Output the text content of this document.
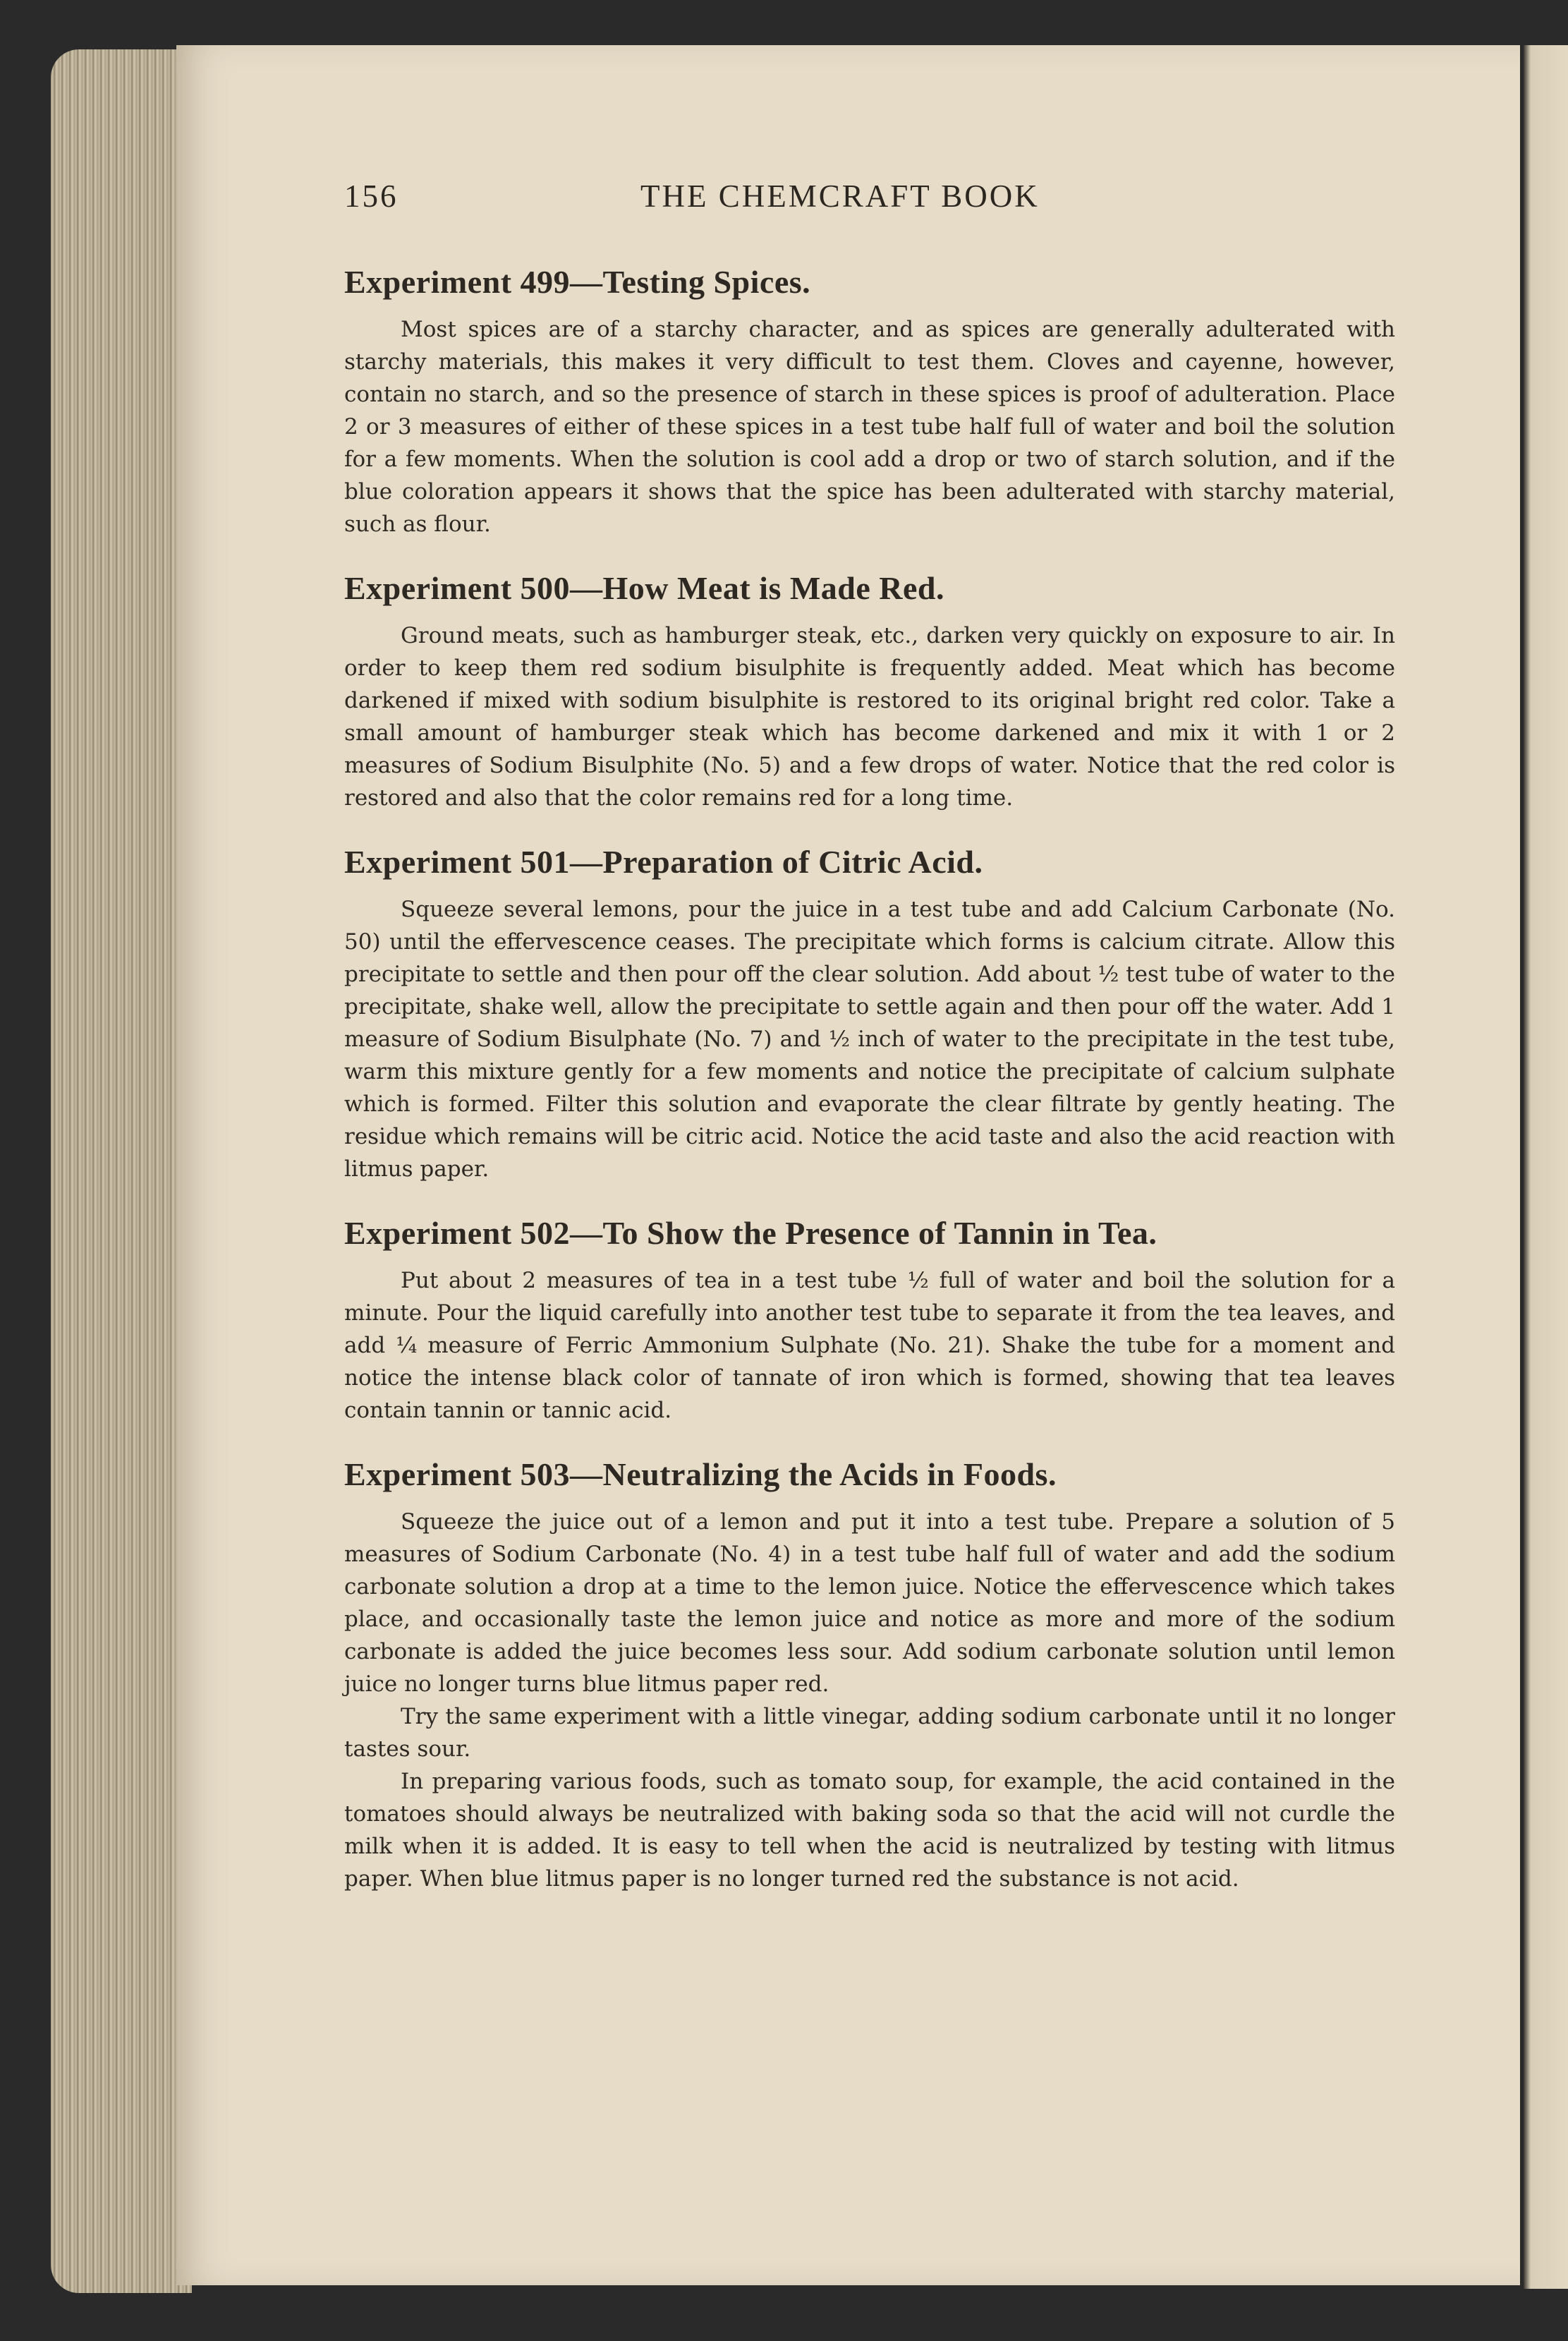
156	THE CHEMCRAFT BOOK
Experiment 499—Testing Spices.

Most spices are of a starchy character, and as spices are generally adulterated with starchy materials, this makes it very difficult to test them. Cloves and cayenne, however, contain no starch, and so the presence of starch in these spices is proof of adulteration. Place 2 or 3 measures of either of these spices in a test tube half full of water and boil the solution for a few moments. When the solution is cool add a drop or two of starch solution, and if the blue coloration appears it shows that the spice has been adulterated with starchy material, such as flour.

Experiment 500—How Meat is Made Red.

Ground meats, such as hamburger steak, etc., darken very quickly on exposure to air. In order to keep them red sodium bisulphite is frequently added. Meat which has become darkened if mixed with sodium bisulphite is restored to its original bright red color. Take a small amount of hamburger steak which has become darkened and mix it with 1 or 2 measures of Sodium Bisulphite (No. 5) and a few drops of water. Notice that the red color is restored and also that the color remains red for a long time.

Experiment 501—Preparation of Citric Acid.

Squeeze several lemons, pour the juice in a test tube and add Calcium Carbonate (No. 50) until the effervescence ceases. The precipitate which forms is calcium citrate. Allow this precipitate to settle and then pour off the clear solution. Add about ½ test tube of water to the precipitate, shake well, allow the precipitate to settle again and then pour off the water. Add 1 measure of Sodium Bisulphate (No. 7) and ½ inch of water to the precipitate in the test tube, warm this mixture gently for a few moments and notice the precipitate of calcium sulphate which is formed. Filter this solution and evaporate the clear filtrate by gently heating. The residue which remains will be citric acid. Notice the acid taste and also the acid reaction with litmus paper.

Experiment 502—To Show the Presence of Tannin in Tea.

Put about 2 measures of tea in a test tube ½ full of water and boil the solution for a minute. Pour the liquid carefully into another test tube to separate it from the tea leaves, and add ¼ measure of Ferric Ammonium Sulphate (No. 21). Shake the tube for a moment and notice the intense black color of tannate of iron which is formed, showing that tea leaves contain tannin or tannic acid.

Experiment 503—Neutralizing the Acids in Foods.

Squeeze the juice out of a lemon and put it into a test tube. Prepare a solution of 5 measures of Sodium Carbonate (No. 4) in a test tube half full of water and add the sodium carbonate solution a drop at a time to the lemon juice. Notice the effervescence which takes place, and occasionally taste the lemon juice and notice as more and more of the sodium carbonate is added the juice becomes less sour. Add sodium carbonate solution until lemon juice no longer turns blue litmus paper red.

Try the same experiment with a little vinegar, adding sodium carbonate until it no longer tastes sour.

In preparing various foods, such as tomato soup, for example, the acid contained in the tomatoes should always be neutralized with baking soda so that the acid will not curdle the milk when it is added. It is easy to tell when the acid is neutralized by testing with litmus paper. When blue litmus paper is no longer turned red the substance is not acid.
